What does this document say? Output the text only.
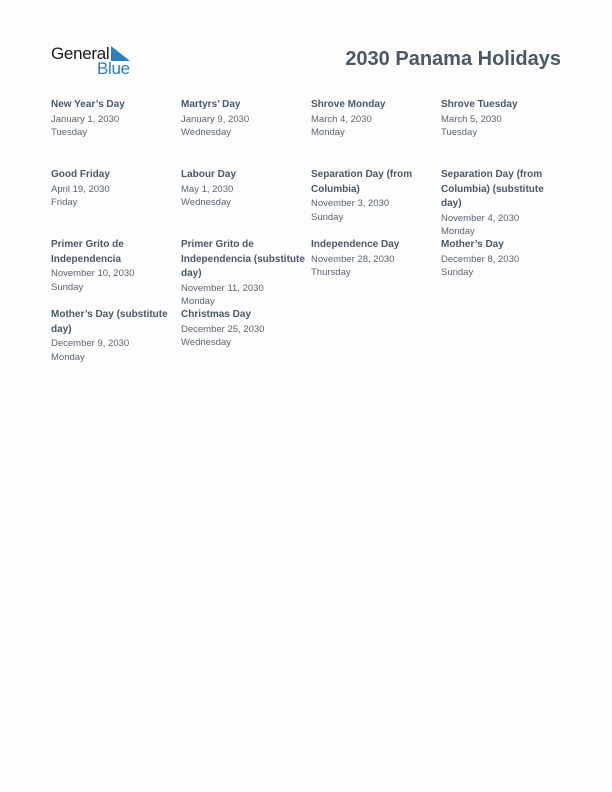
General
Blue	2030 Panama Holidays
New Year’s Day
January 1, 2030
Tuesday
Martyrs’ Day
January 9, 2030
Wednesday
Shrove Monday
March 4, 2030
Monday
Shrove Tuesday
March 5, 2030
Tuesday
Good Friday
April 19, 2030
Friday
Labour Day
May 1, 2030
Wednesday
Separation Day (from Columbia)
November 3, 2030
Sunday
Separation Day (from Columbia) (substitute day)
November 4, 2030
Monday
Primer Grito de Independencia
November 10, 2030
Sunday
Primer Grito de Independencia (substitute day)
November 11, 2030
Monday
Independence Day
November 28, 2030
Thursday
Mother’s Day
December 8, 2030
Sunday
Mother’s Day (substitute day)
December 9, 2030
Monday
Christmas Day
December 25, 2030
Wednesday
